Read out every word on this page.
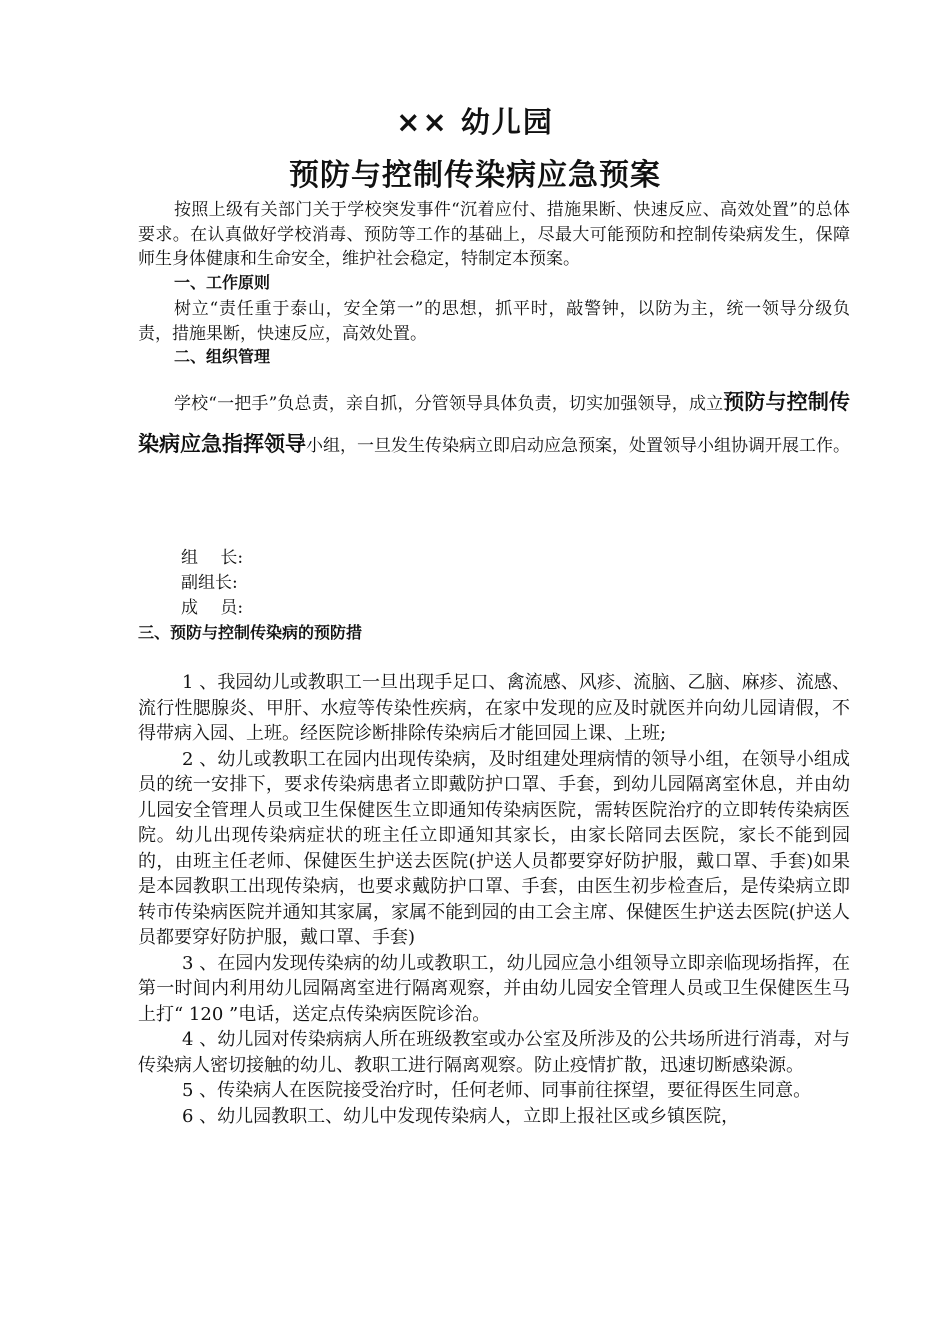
×× 幼儿园
预防与控制传染病应急预案
按照上级有关部门关于学校突发事件“沉着应付、措施果断、快速反应、高效处置”的总体要求。在认真做好学校消毒、预防等工作的基础上，尽最大可能预防和控制传染病发生，保障师生身体健康和生命安全，维护社会稳定，特制定本预案。
一、工作原则
树立“责任重于泰山，安全第一”的思想，抓平时，敲警钟，以防为主，统一领导分级负责，措施果断，快速反应，高效处置。
二、组织管理
学校“一把手”负总责，亲自抓，分管领导具体负责，切实加强领导，成立预防与控制传染病应急指挥领导小组，一旦发生传染病立即启动应急预案，处置领导小组协调开展工作。
组　 长:
副组长:
成　 员:
三、预防与控制传染病的预防措

1 、我园幼儿或教职工一旦出现手足口、禽流感、风疹、流脑、乙脑、麻疹、流感、流行性腮腺炎、甲肝、水痘等传染性疾病，在家中发现的应及时就医并向幼儿园请假，不得带病入园、上班。经医院诊断排除传染病后才能回园上课、上班;

2 、幼儿或教职工在园内出现传染病，及时组建处理病情的领导小组，在领导小组成员的统一安排下，要求传染病患者立即戴防护口罩、手套，到幼儿园隔离室休息，并由幼儿园安全管理人员或卫生保健医生立即通知传染病医院，需转医院治疗的立即转传染病医院。幼儿出现传染病症状的班主任立即通知其家长，由家长陪同去医院，家长不能到园的，由班主任老师、保健医生护送去医院(护送人员都要穿好防护服，戴口罩、手套)如果是本园教职工出现传染病，也要求戴防护口罩、手套，由医生初步检查后，是传染病立即转市传染病医院并通知其家属，家属不能到园的由工会主席、保健医生护送去医院(护送人员都要穿好防护服，戴口罩、手套)

3 、在园内发现传染病的幼儿或教职工，幼儿园应急小组领导立即亲临现场指挥，在第一时间内利用幼儿园隔离室进行隔离观察，并由幼儿园安全管理人员或卫生保健医生马上打“ 120 ”电话，送定点传染病医院诊治。

4 、幼儿园对传染病病人所在班级教室或办公室及所涉及的公共场所进行消毒，对与传染病人密切接触的幼儿、教职工进行隔离观察。防止疫情扩散，迅速切断感染源。

5 、传染病人在医院接受治疗时，任何老师、同事前往探望，要征得医生同意。

6 、幼儿园教职工、幼儿中发现传染病人，立即上报社区或乡镇医院，
